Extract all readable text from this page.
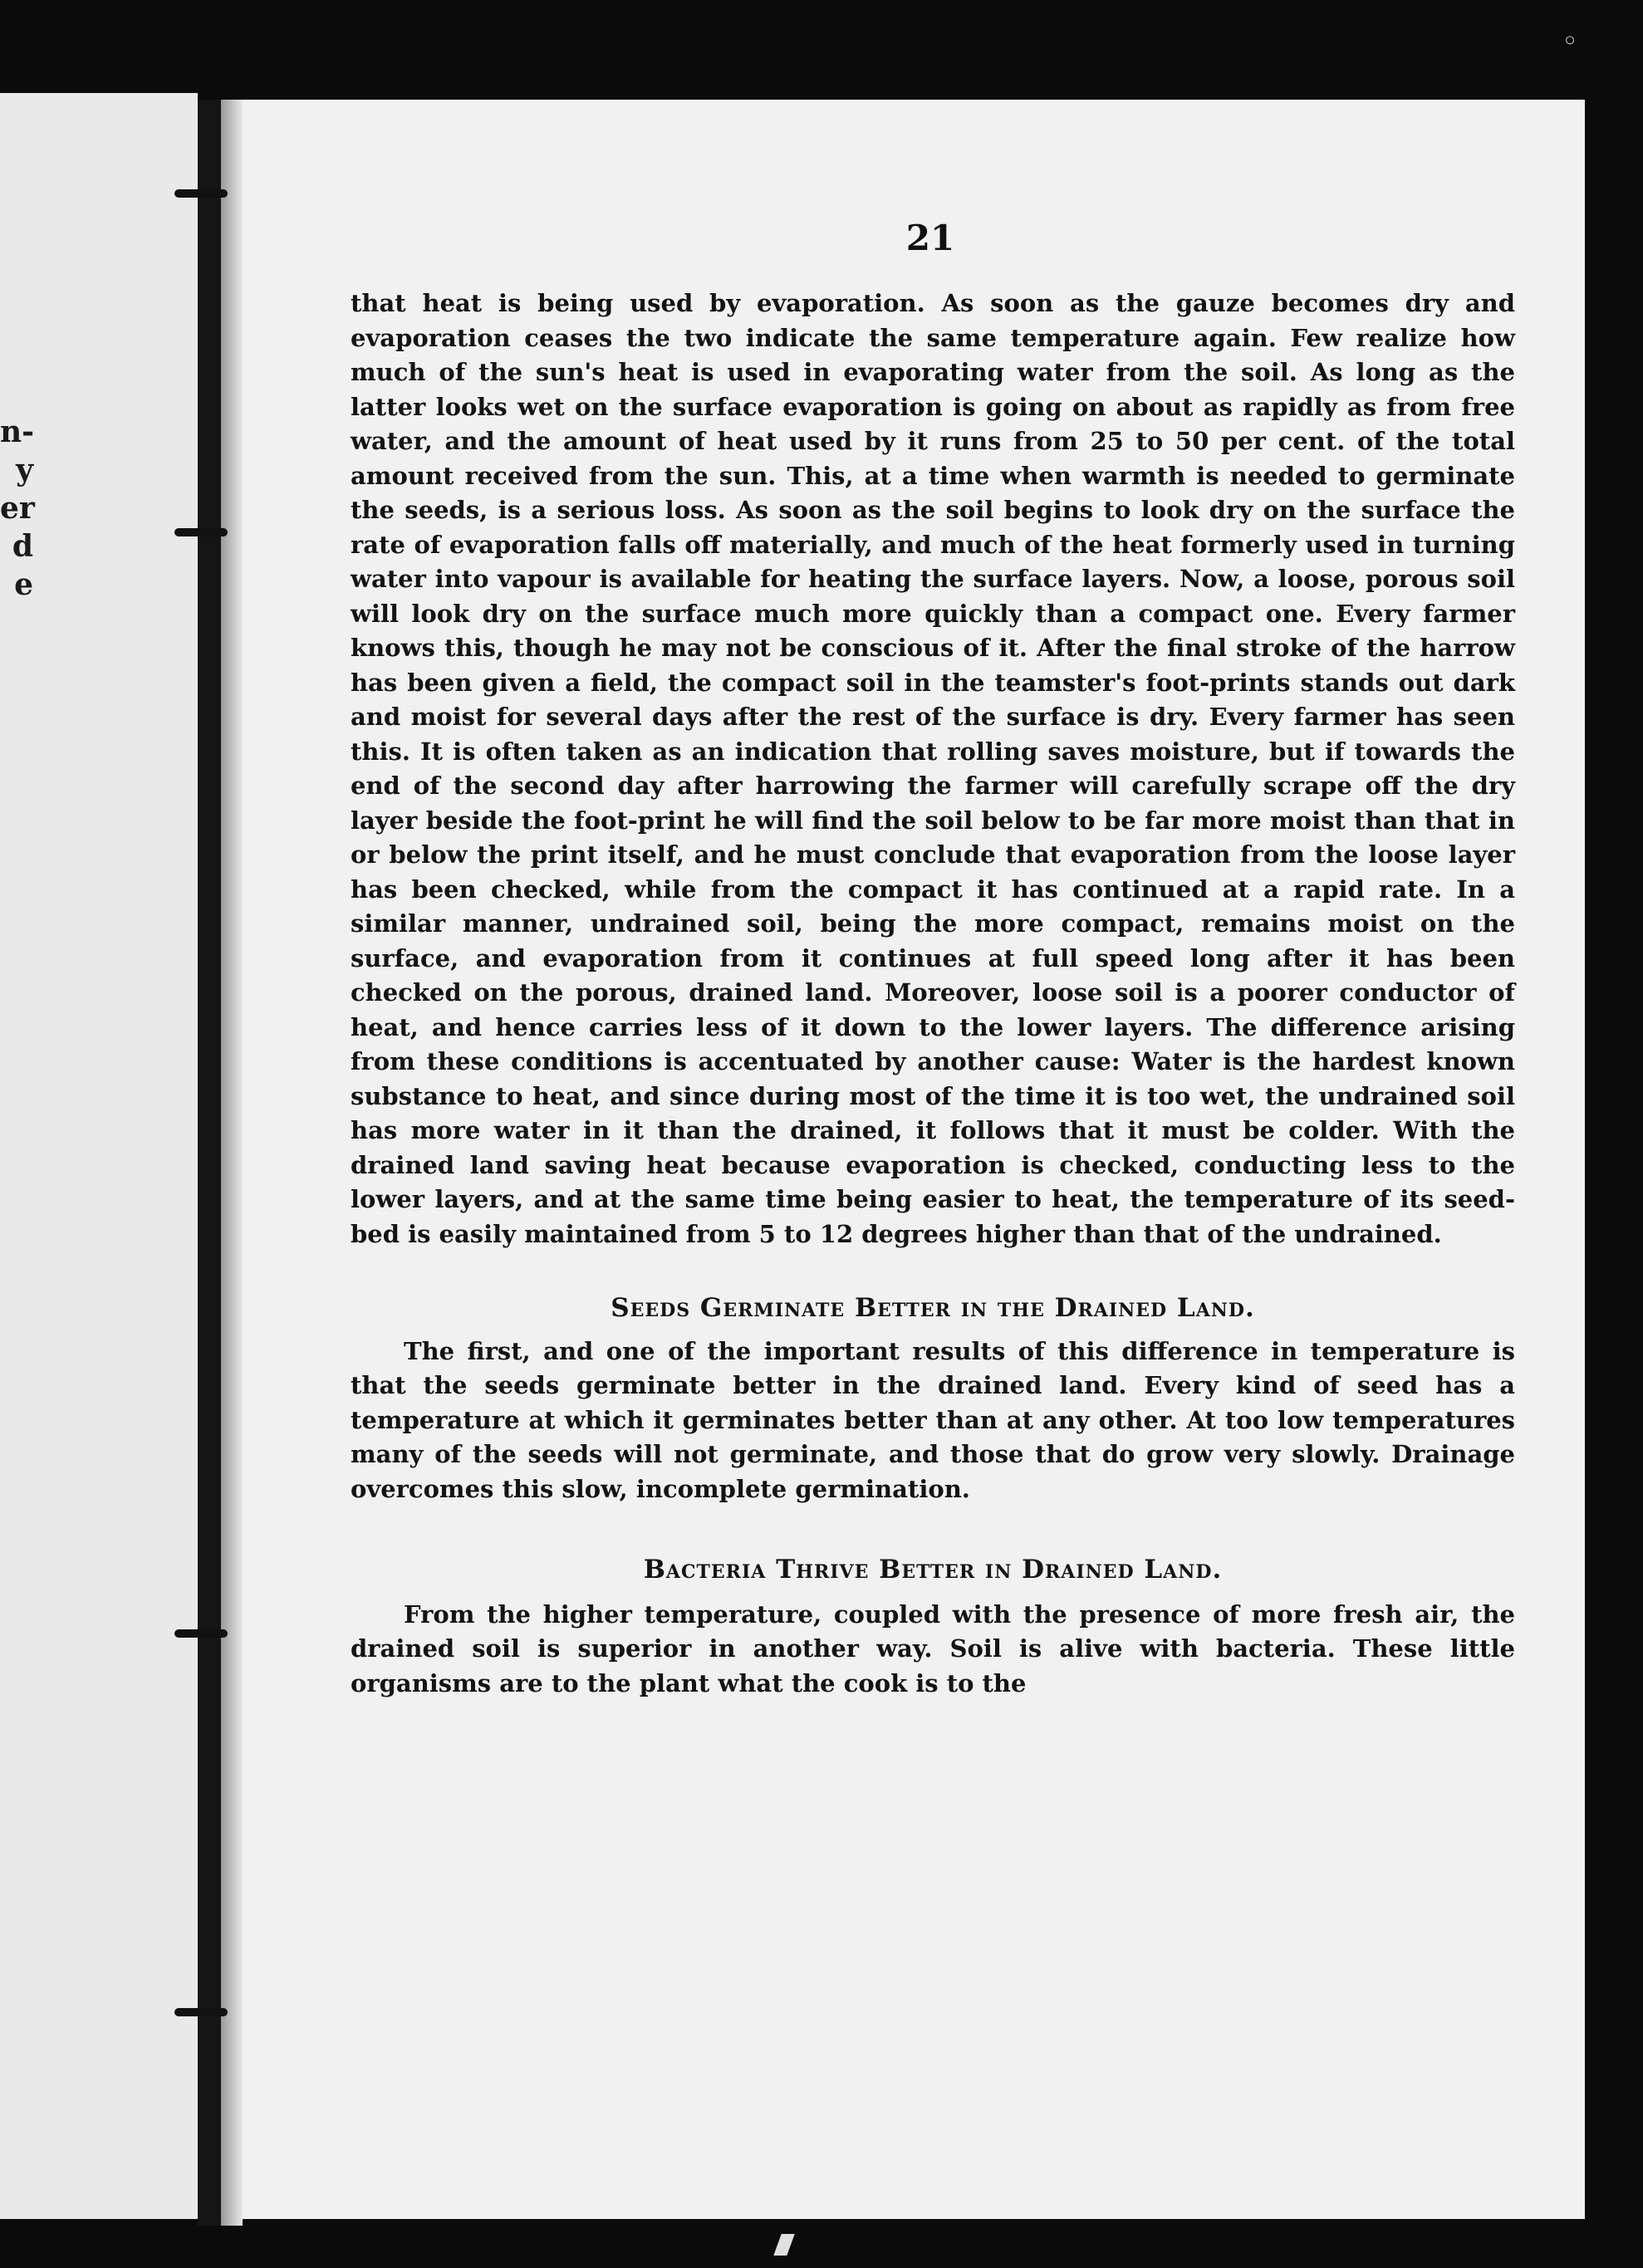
n-
y
er
d
e
◦
21

that heat is being used by evaporation. As soon as the gauze becomes dry and evaporation ceases the two indicate the same temperature again. Few realize how much of the sun's heat is used in evaporating water from the soil. As long as the latter looks wet on the surface evaporation is going on about as rapidly as from free water, and the amount of heat used by it runs from 25 to 50 per cent. of the total amount received from the sun. This, at a time when warmth is needed to germinate the seeds, is a serious loss. As soon as the soil begins to look dry on the surface the rate of evaporation falls off materially, and much of the heat formerly used in turning water into vapour is available for heating the surface layers. Now, a loose, porous soil will look dry on the surface much more quickly than a compact one. Every farmer knows this, though he may not be conscious of it. After the final stroke of the harrow has been given a field, the compact soil in the teamster's foot-prints stands out dark and moist for several days after the rest of the surface is dry. Every farmer has seen this. It is often taken as an indication that rolling saves moisture, but if towards the end of the second day after harrowing the farmer will carefully scrape off the dry layer beside the foot-print he will find the soil below to be far more moist than that in or below the print itself, and he must conclude that evaporation from the loose layer has been checked, while from the compact it has continued at a rapid rate. In a similar manner, undrained soil, being the more compact, remains moist on the surface, and evaporation from it continues at full speed long after it has been checked on the porous, drained land. Moreover, loose soil is a poorer conductor of heat, and hence carries less of it down to the lower layers. The difference arising from these conditions is accentuated by another cause: Water is the hardest known substance to heat, and since during most of the time it is too wet, the undrained soil has more water in it than the drained, it follows that it must be colder. With the drained land saving heat because evaporation is checked, conducting less to the lower layers, and at the same time being easier to heat, the temperature of its seed-bed is easily maintained from 5 to 12 degrees higher than that of the undrained.

Seeds Germinate Better in the Drained Land.

The first, and one of the important results of this difference in temperature is that the seeds germinate better in the drained land. Every kind of seed has a temperature at which it germinates better than at any other. At too low temperatures many of the seeds will not germinate, and those that do grow very slowly. Drainage overcomes this slow, incomplete germination.

Bacteria Thrive Better in Drained Land.

From the higher temperature, coupled with the presence of more fresh air, the drained soil is superior in another way. Soil is alive with bacteria. These little organisms are to the plant what the cook is to the
